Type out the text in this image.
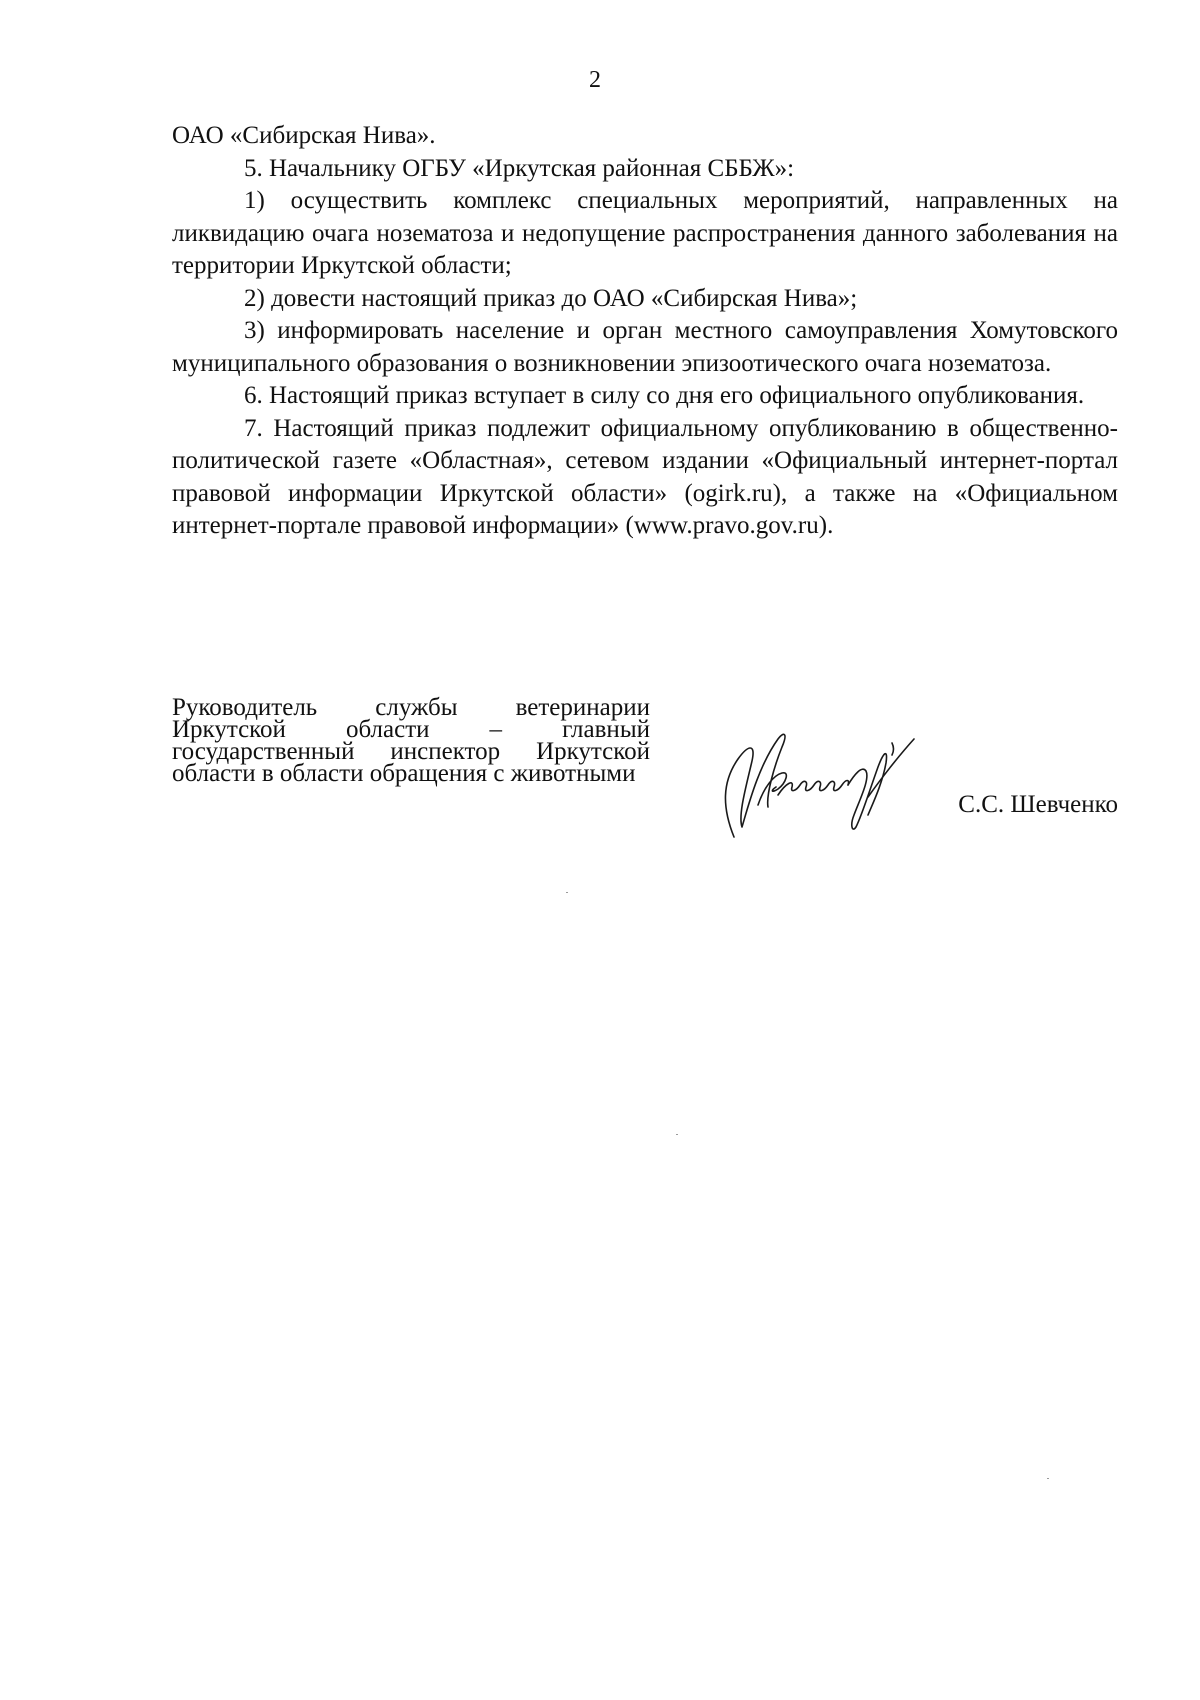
2

ОАО «Сибирская Нива».

5. Начальнику ОГБУ «Иркутская районная СББЖ»:

1) осуществить комплекс специальных мероприятий, направленных на ликвидацию очага нозематоза и недопущение распространения данного заболевания на территории Иркутской области;

2) довести настоящий приказ до ОАО «Сибирская Нива»;

3) информировать население и орган местного самоуправления Хомутовского муниципального образования о возникновении эпизоотического очага нозематоза.

6. Настоящий приказ вступает в силу со дня его официального опубликования.

7. Настоящий приказ подлежит официальному опубликованию в общественно-политической газете «Областная», сетевом издании «Официальный интернет-портал правовой информации Иркутской области» (ogirk.ru), а также на «Официальном интернет-портале правовой информации» (www.pravo.gov.ru).

Руководитель службы ветеринарии Иркутской области – главный государственный инспектор Иркутской области в области обращения с животными
С.С. Шевченко
